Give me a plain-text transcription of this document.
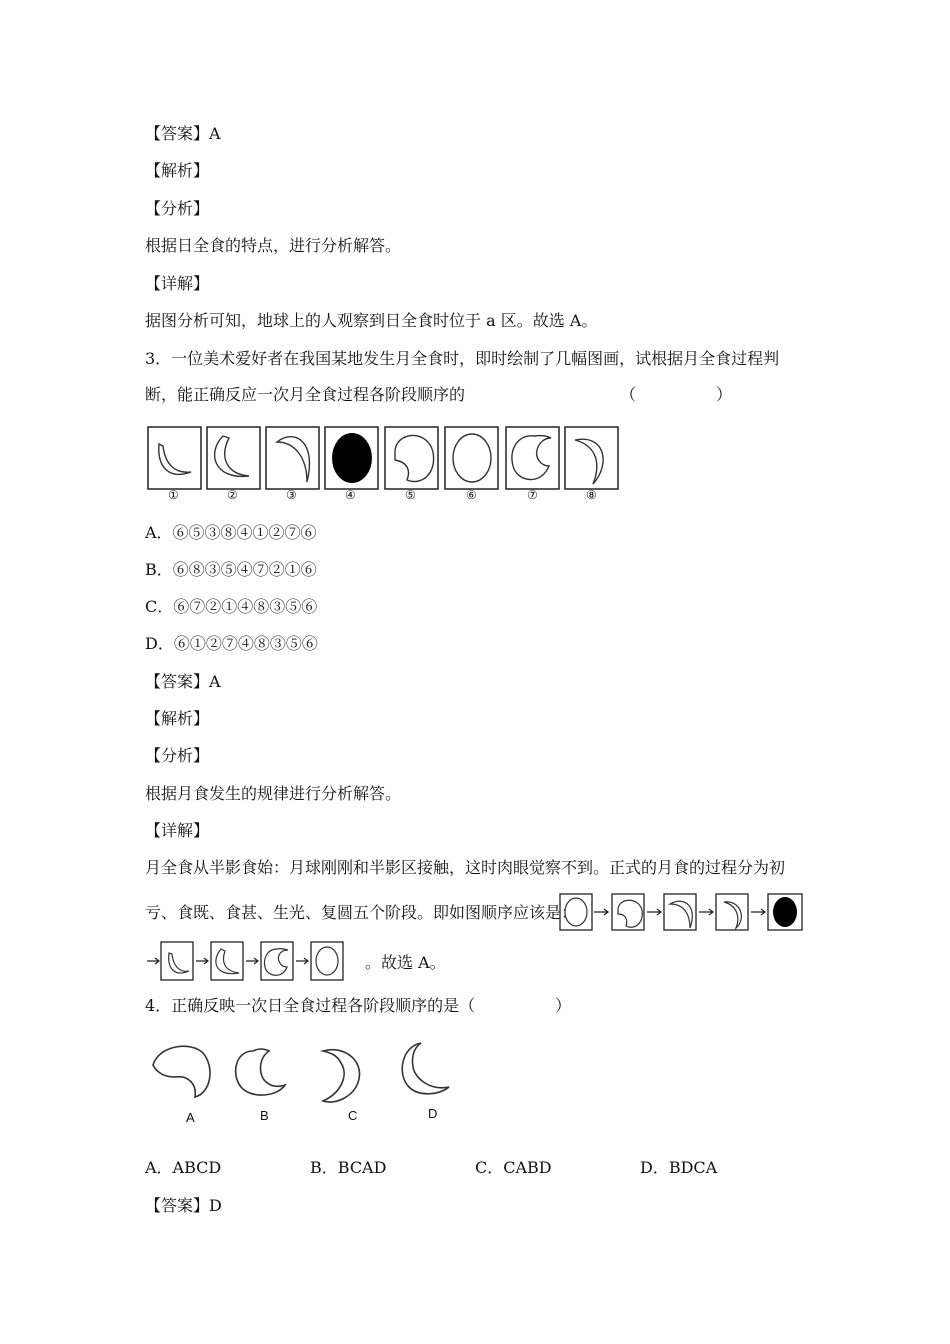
【答案】A
【解析】
【分析】
根据日全食的特点，进行分析解答。
【详解】
据图分析可知，地球上的人观察到日全食时位于 a 区。故选 A。
3．一位美术爱好者在我国某地发生月全食时，即时绘制了几幅图画，试根据月全食过程判
断，能正确反应一次月全食过程各阶段顺序的	（　　　　　）
①	②	③	④	⑤	⑥	⑦	⑧
A．⑥⑤③⑧④①②⑦⑥
B．⑥⑧③⑤④⑦②①⑥
C．⑥⑦②①④⑧③⑤⑥
D．⑥①②⑦④⑧③⑤⑥
【答案】A
【解析】
【分析】
根据月食发生的规律进行分析解答。
【详解】
月全食从半影食始：月球刚刚和半影区接触，这时肉眼觉察不到。正式的月食的过程分为初
亏、食既、食甚、生光、复圆五个阶段。即如图顺序应该是：
。故选 A。
4．正确反映一次日全食过程各阶段顺序的是（　　　　　）
A	B	C	D
A．ABCD	B．BCAD	C．CABD	D．BDCA
【答案】D
